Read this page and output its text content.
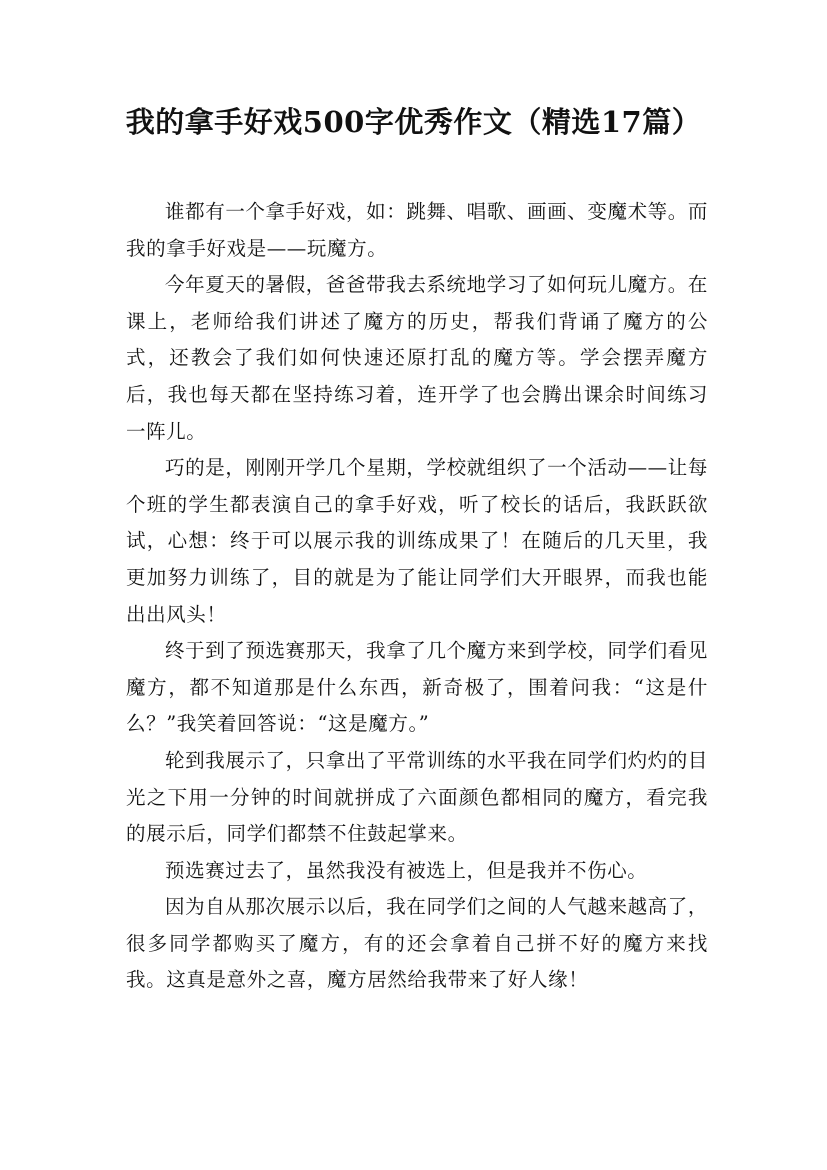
我的拿手好戏500字优秀作文（精选17篇）

谁都有一个拿手好戏，如：跳舞、唱歌、画画、变魔术等。而我的拿手好戏是——玩魔方。

今年夏天的暑假，爸爸带我去系统地学习了如何玩儿魔方。在课上，老师给我们讲述了魔方的历史，帮我们背诵了魔方的公式，还教会了我们如何快速还原打乱的魔方等。学会摆弄魔方后，我也每天都在坚持练习着，连开学了也会腾出课余时间练习一阵儿。

巧的是，刚刚开学几个星期，学校就组织了一个活动——让每个班的学生都表演自己的拿手好戏，听了校长的话后，我跃跃欲试，心想：终于可以展示我的训练成果了！在随后的几天里，我更加努力训练了，目的就是为了能让同学们大开眼界，而我也能出出风头！

终于到了预选赛那天，我拿了几个魔方来到学校，同学们看见魔方，都不知道那是什么东西，新奇极了，围着问我：“这是什么？”我笑着回答说：“这是魔方。”

轮到我展示了，只拿出了平常训练的水平我在同学们灼灼的目光之下用一分钟的时间就拼成了六面颜色都相同的魔方，看完我的展示后，同学们都禁不住鼓起掌来。

预选赛过去了，虽然我没有被选上，但是我并不伤心。

因为自从那次展示以后，我在同学们之间的人气越来越高了，很多同学都购买了魔方，有的还会拿着自己拼不好的魔方来找我。这真是意外之喜，魔方居然给我带来了好人缘！
